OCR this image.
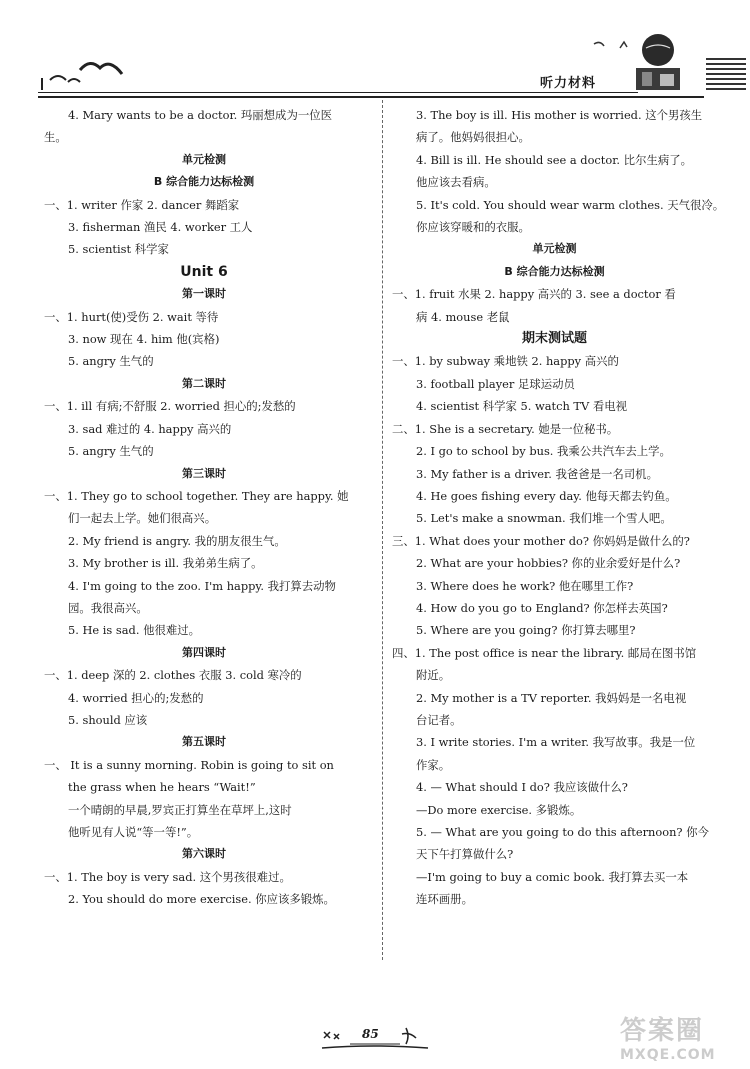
听力材料
4. Mary wants to be a doctor. 玛丽想成为一位医
生。
单元检测
B 综合能力达标检测
一、1. writer 作家 2. dancer 舞蹈家
3. fisherman 渔民 4. worker 工人
5. scientist 科学家
Unit 6
第一课时
一、1. hurt(使)受伤 2. wait 等待
3. now 现在 4. him 他(宾格)
5. angry 生气的
第二课时
一、1. ill 有病;不舒服 2. worried 担心的;发愁的
3. sad 难过的 4. happy 高兴的
5. angry 生气的
第三课时
一、1. They go to school together. They are happy. 她
们一起去上学。她们很高兴。
2. My friend is angry. 我的朋友很生气。
3. My brother is ill. 我弟弟生病了。
4. I'm going to the zoo. I'm happy. 我打算去动物
园。我很高兴。
5. He is sad. 他很难过。
第四课时
一、1. deep 深的 2. clothes 衣服 3. cold 寒冷的
4. worried 担心的;发愁的
5. should 应该
第五课时
一、 It is a sunny morning. Robin is going to sit on
the grass when he hears “Wait!”
一个晴朗的早晨,罗宾正打算坐在草坪上,这时
他听见有人说“等一等!”。
第六课时
一、1. The boy is very sad. 这个男孩很难过。
2. You should do more exercise. 你应该多锻炼。
3. The boy is ill. His mother is worried. 这个男孩生
病了。他妈妈很担心。
4. Bill is ill. He should see a doctor. 比尔生病了。
他应该去看病。
5. It's cold. You should wear warm clothes. 天气很冷。
你应该穿暖和的衣服。
单元检测
B 综合能力达标检测
一、1. fruit 水果 2. happy 高兴的 3. see a doctor 看
病 4. mouse 老鼠
期末测试题
一、1. by subway 乘地铁 2. happy 高兴的
3. football player 足球运动员
4. scientist 科学家 5. watch TV 看电视
二、1. She is a secretary. 她是一位秘书。
2. I go to school by bus. 我乘公共汽车去上学。
3. My father is a driver. 我爸爸是一名司机。
4. He goes fishing every day. 他每天都去钓鱼。
5. Let's make a snowman. 我们堆一个雪人吧。
三、1. What does your mother do? 你妈妈是做什么的?
2. What are your hobbies? 你的业余爱好是什么?
3. Where does he work? 他在哪里工作?
4. How do you go to England? 你怎样去英国?
5. Where are you going? 你打算去哪里?
四、1. The post office is near the library. 邮局在图书馆
附近。
2. My mother is a TV reporter. 我妈妈是一名电视
台记者。
3. I write stories. I'm a writer. 我写故事。我是一位
作家。
4. — What should I do? 我应该做什么?
—Do more exercise. 多锻炼。
5. — What are you going to do this afternoon? 你今
天下午打算做什么?
—I'm going to buy a comic book. 我打算去买一本
连环画册。
85	答案圈
MXQE.COM
